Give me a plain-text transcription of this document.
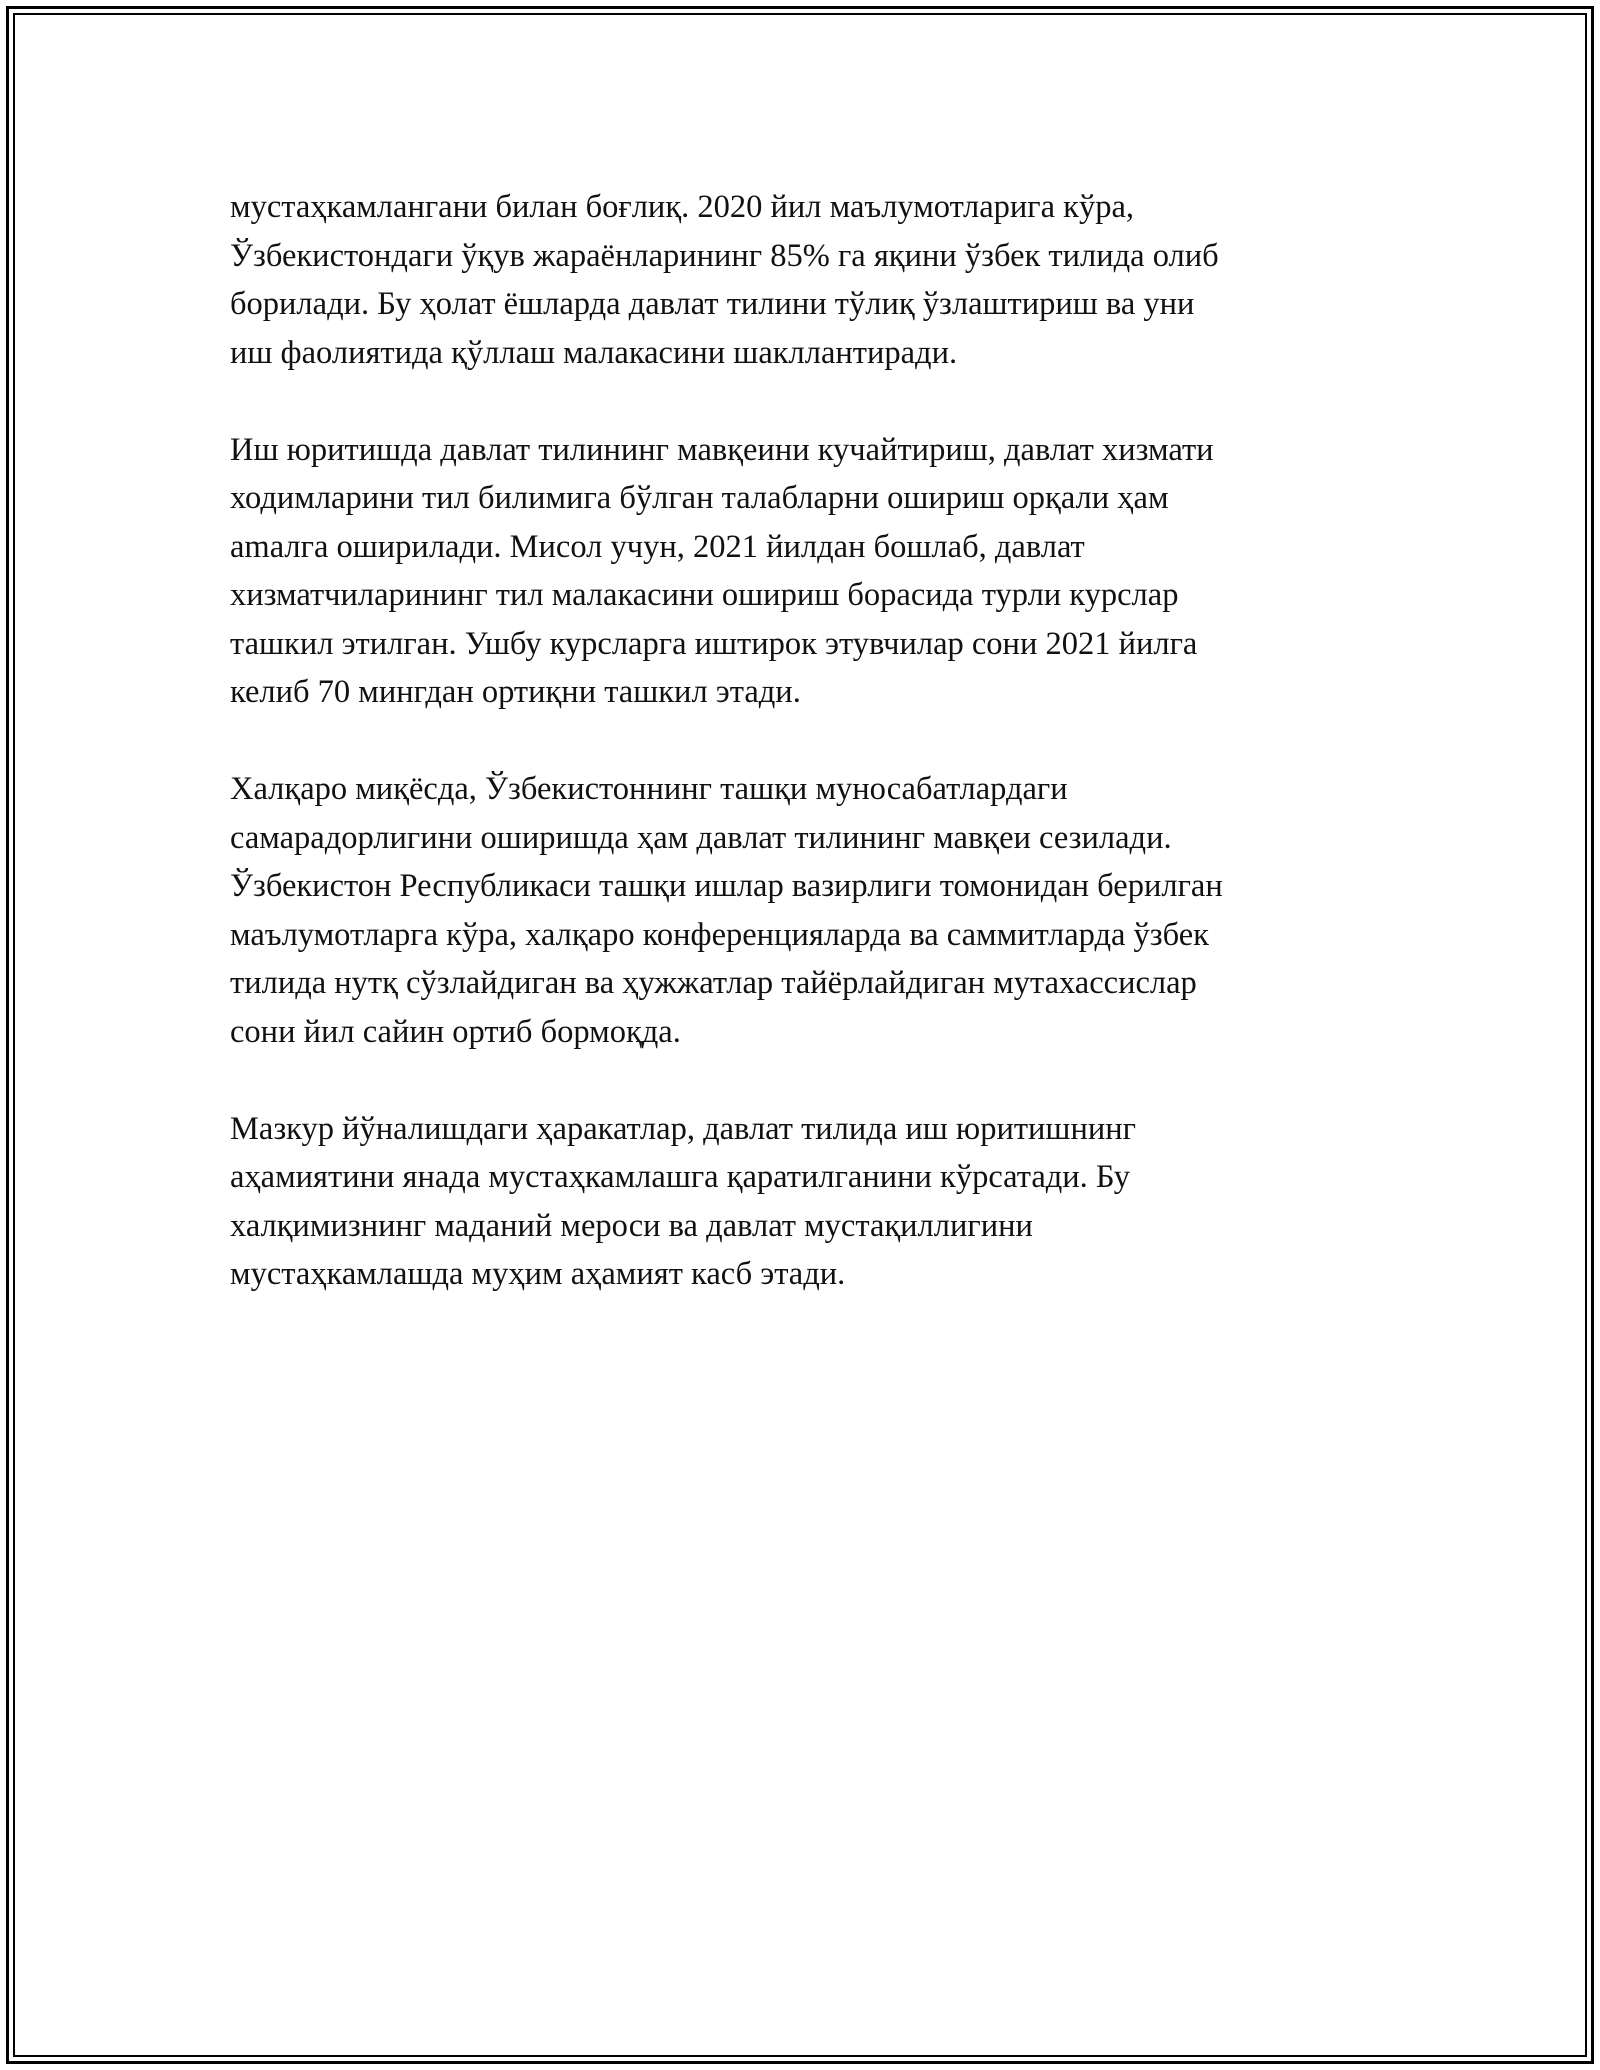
мустаҳкамлангани билан боғлиқ. 2020 йил маълумотларига кўра,
Ўзбекистондаги ўқув жараёнларининг 85% га яқини ўзбек тилида олиб
борилади. Бу ҳолат ёшларда давлат тилини тўлиқ ўзлаштириш ва уни
иш фаолиятида қўллаш малакасини шакллантиради.

Иш юритишда давлат тилининг мавқеини кучайтириш, давлат хизмати
ходимларини тил билимига бўлган талабларни ошириш орқали ҳам
amалга оширилади. Мисол учун, 2021 йилдан бошлаб, давлат
хизматчиларининг тил малакасини ошириш борасида турли курслар
ташкил этилган. Ушбу курсларга иштирок этувчилар сони 2021 йилга
келиб 70 мингдан ортиқни ташкил этади.

Халқаро миқёсда, Ўзбекистоннинг ташқи муносабатлардаги
самарадорлигини оширишда ҳам давлат тилининг мавқеи сезилади.
Ўзбекистон Республикаси ташқи ишлар вазирлиги томонидан берилган
маълумотларга кўра, халқаро конференцияларда ва саммитларда ўзбек
тилида нутқ сўзлайдиган ва ҳужжатлар тайёрлайдиган мутахассислар
сони йил сайин ортиб бормоқда.

Мазкур йўналишдаги ҳаракатлар, давлат тилида иш юритишнинг
aҳамиятини янада мустаҳкамлашга қаратилганини кўрсатади. Бу
халқимизнинг маданий мероси ва давлат мустақиллигини
мустаҳкамлашда муҳим аҳамият касб этади.
